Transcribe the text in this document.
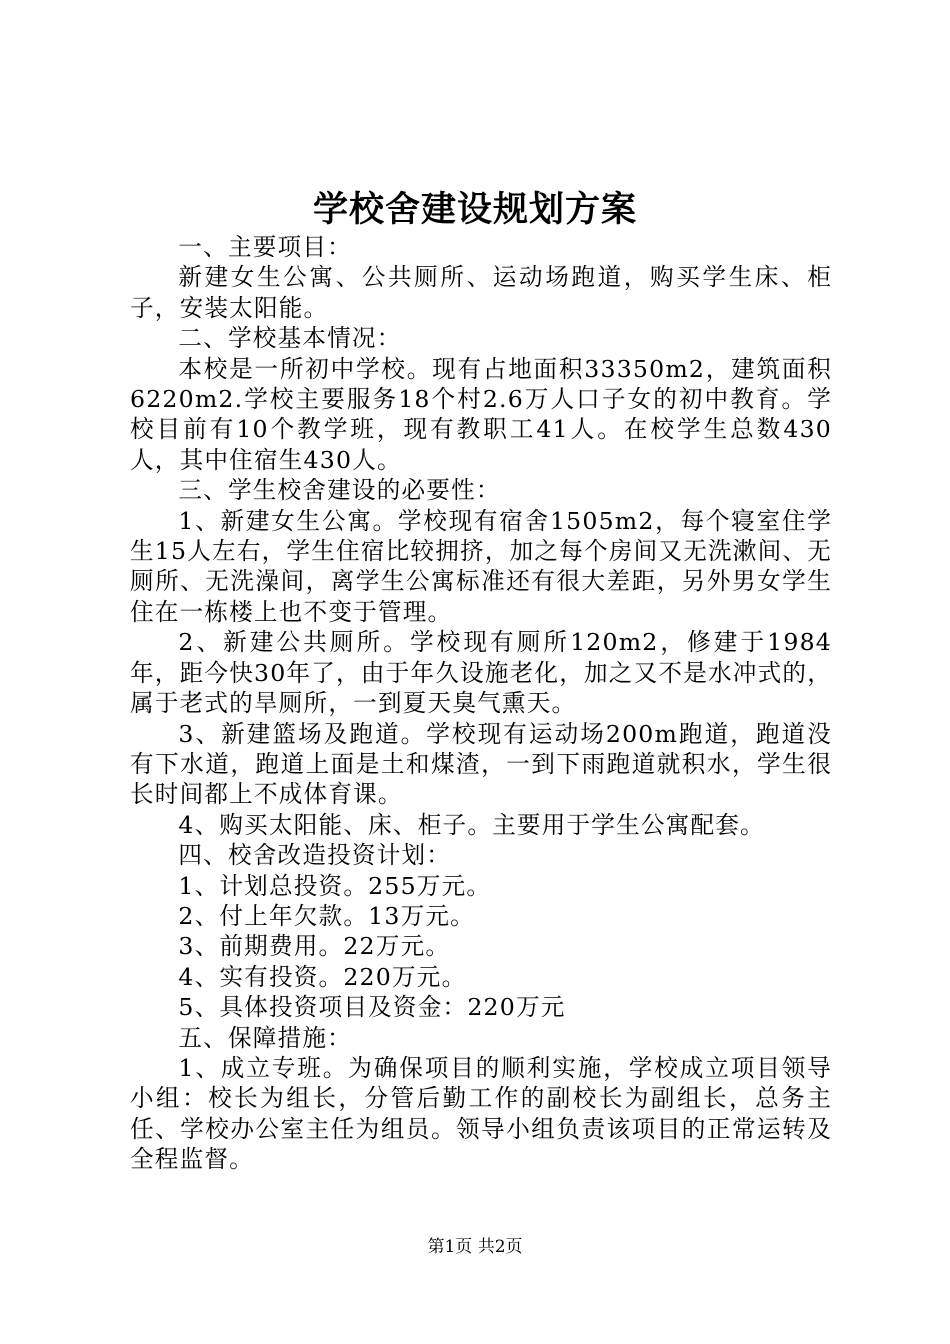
学校舍建设规划方案

一、主要项目：

新建女生公寓、公共厕所、运动场跑道，购买学生床、柜子，安装太阳能。

二、学校基本情况：

本校是一所初中学校。现有占地面积33350m2，建筑面积6220m2.学校主要服务18个村2.6万人口子女的初中教育。学校目前有10个教学班，现有教职工41人。在校学生总数430人，其中住宿生430人。

三、学生校舍建设的必要性：

1、新建女生公寓。学校现有宿舍1505m2，每个寝室住学生15人左右，学生住宿比较拥挤，加之每个房间又无洗漱间、无厕所、无洗澡间，离学生公寓标准还有很大差距，另外男女学生住在一栋楼上也不变于管理。

2、新建公共厕所。学校现有厕所120m2，修建于1984年，距今快30年了，由于年久设施老化，加之又不是水冲式的，属于老式的旱厕所，一到夏天臭气熏天。

3、新建篮场及跑道。学校现有运动场200m跑道，跑道没有下水道，跑道上面是土和煤渣，一到下雨跑道就积水，学生很长时间都上不成体育课。

4、购买太阳能、床、柜子。主要用于学生公寓配套。

四、校舍改造投资计划：

1、计划总投资。255万元。

2、付上年欠款。13万元。

3、前期费用。22万元。

4、实有投资。220万元。

5、具体投资项目及资金：220万元

五、保障措施：

1、成立专班。为确保项目的顺利实施，学校成立项目领导小组：校长为组长，分管后勤工作的副校长为副组长，总务主任、学校办公室主任为组员。领导小组负责该项目的正常运转及全程监督。

第1页 共2页
